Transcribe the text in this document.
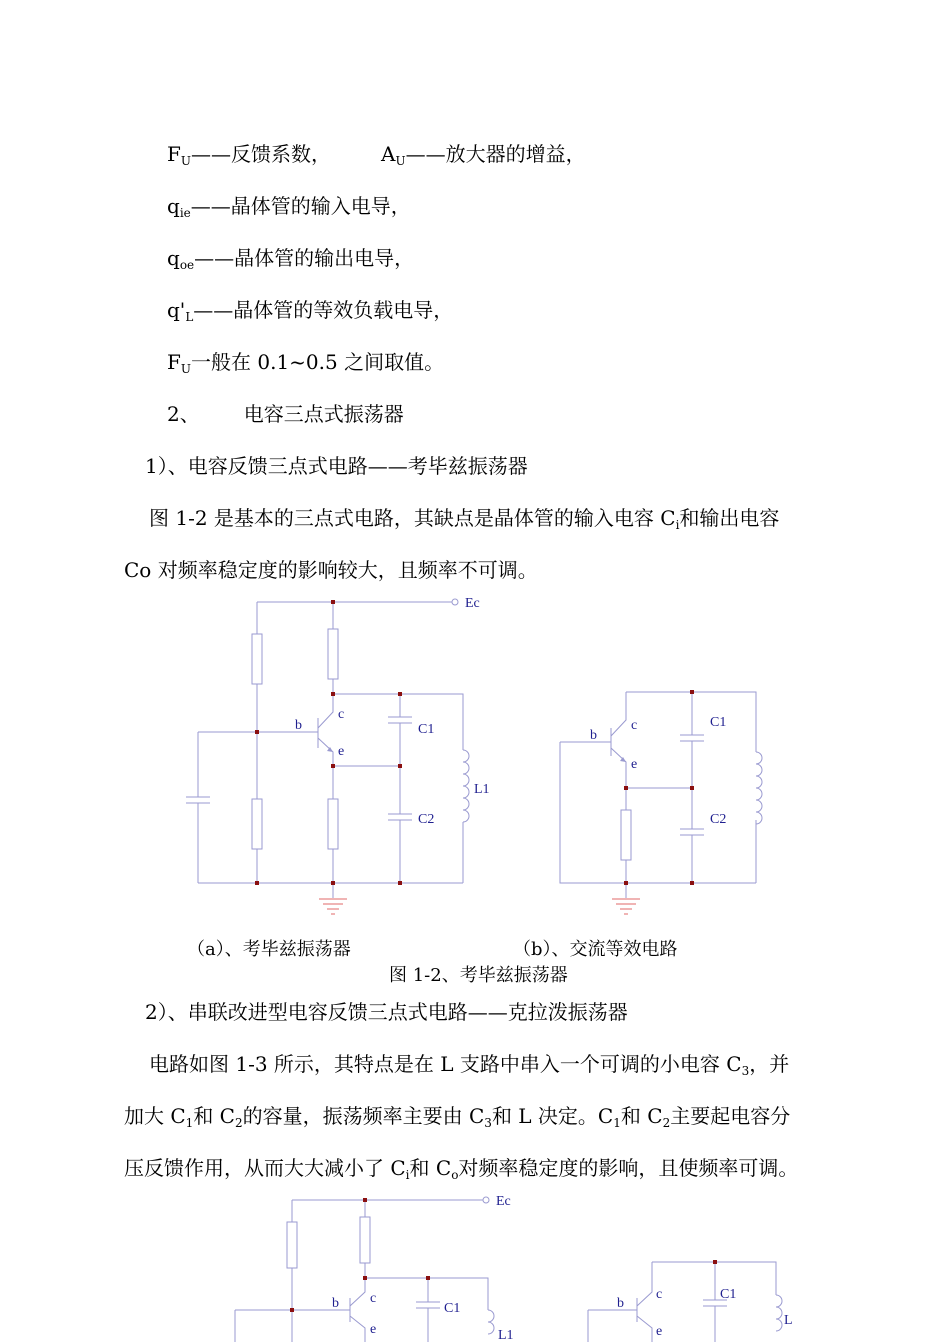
$F_U——$反馈系数，	$A_U——$放大器的增益，
$q_{ie}——$晶体管的输入电导，
$q_{oe}——$晶体管的输出电导，
$q'_L——$晶体管的等效负载电导，
$F_U$一般在 0.1~0.5 之间取值。
2、 电容三点式振荡器
1）、电容反馈三点式电路——考毕兹振荡器
图 1-2 是基本的三点式电路，其缺点是晶体管的输入电容 $C_i$和输出电容
Co 对频率稳定度的影响较大，且频率不可调。
（a）、考毕兹振荡器	（b）、交流等效电路
图 1-2、考毕兹振荡器
2）、串联改进型电容反馈三点式电路——克拉泼振荡器
电路如图 1-3 所示，其特点是在 L 支路中串入一个可调的小电容 $C_3$，并
加大 $C_1$和 $C_2$的容量，振荡频率主要由 $C_3$和 L 决定。$C_1$和 $C_2$主要起电容分
压反馈作用，从而大大减小了 $C_i$和 $C_o$对频率稳定度的影响，且使频率可调。
Ec
b
c
e
L1
C1
C2
b
c
e
C1
C2
Ec
b c
e	L1
C1
L
b
c
e
C1
